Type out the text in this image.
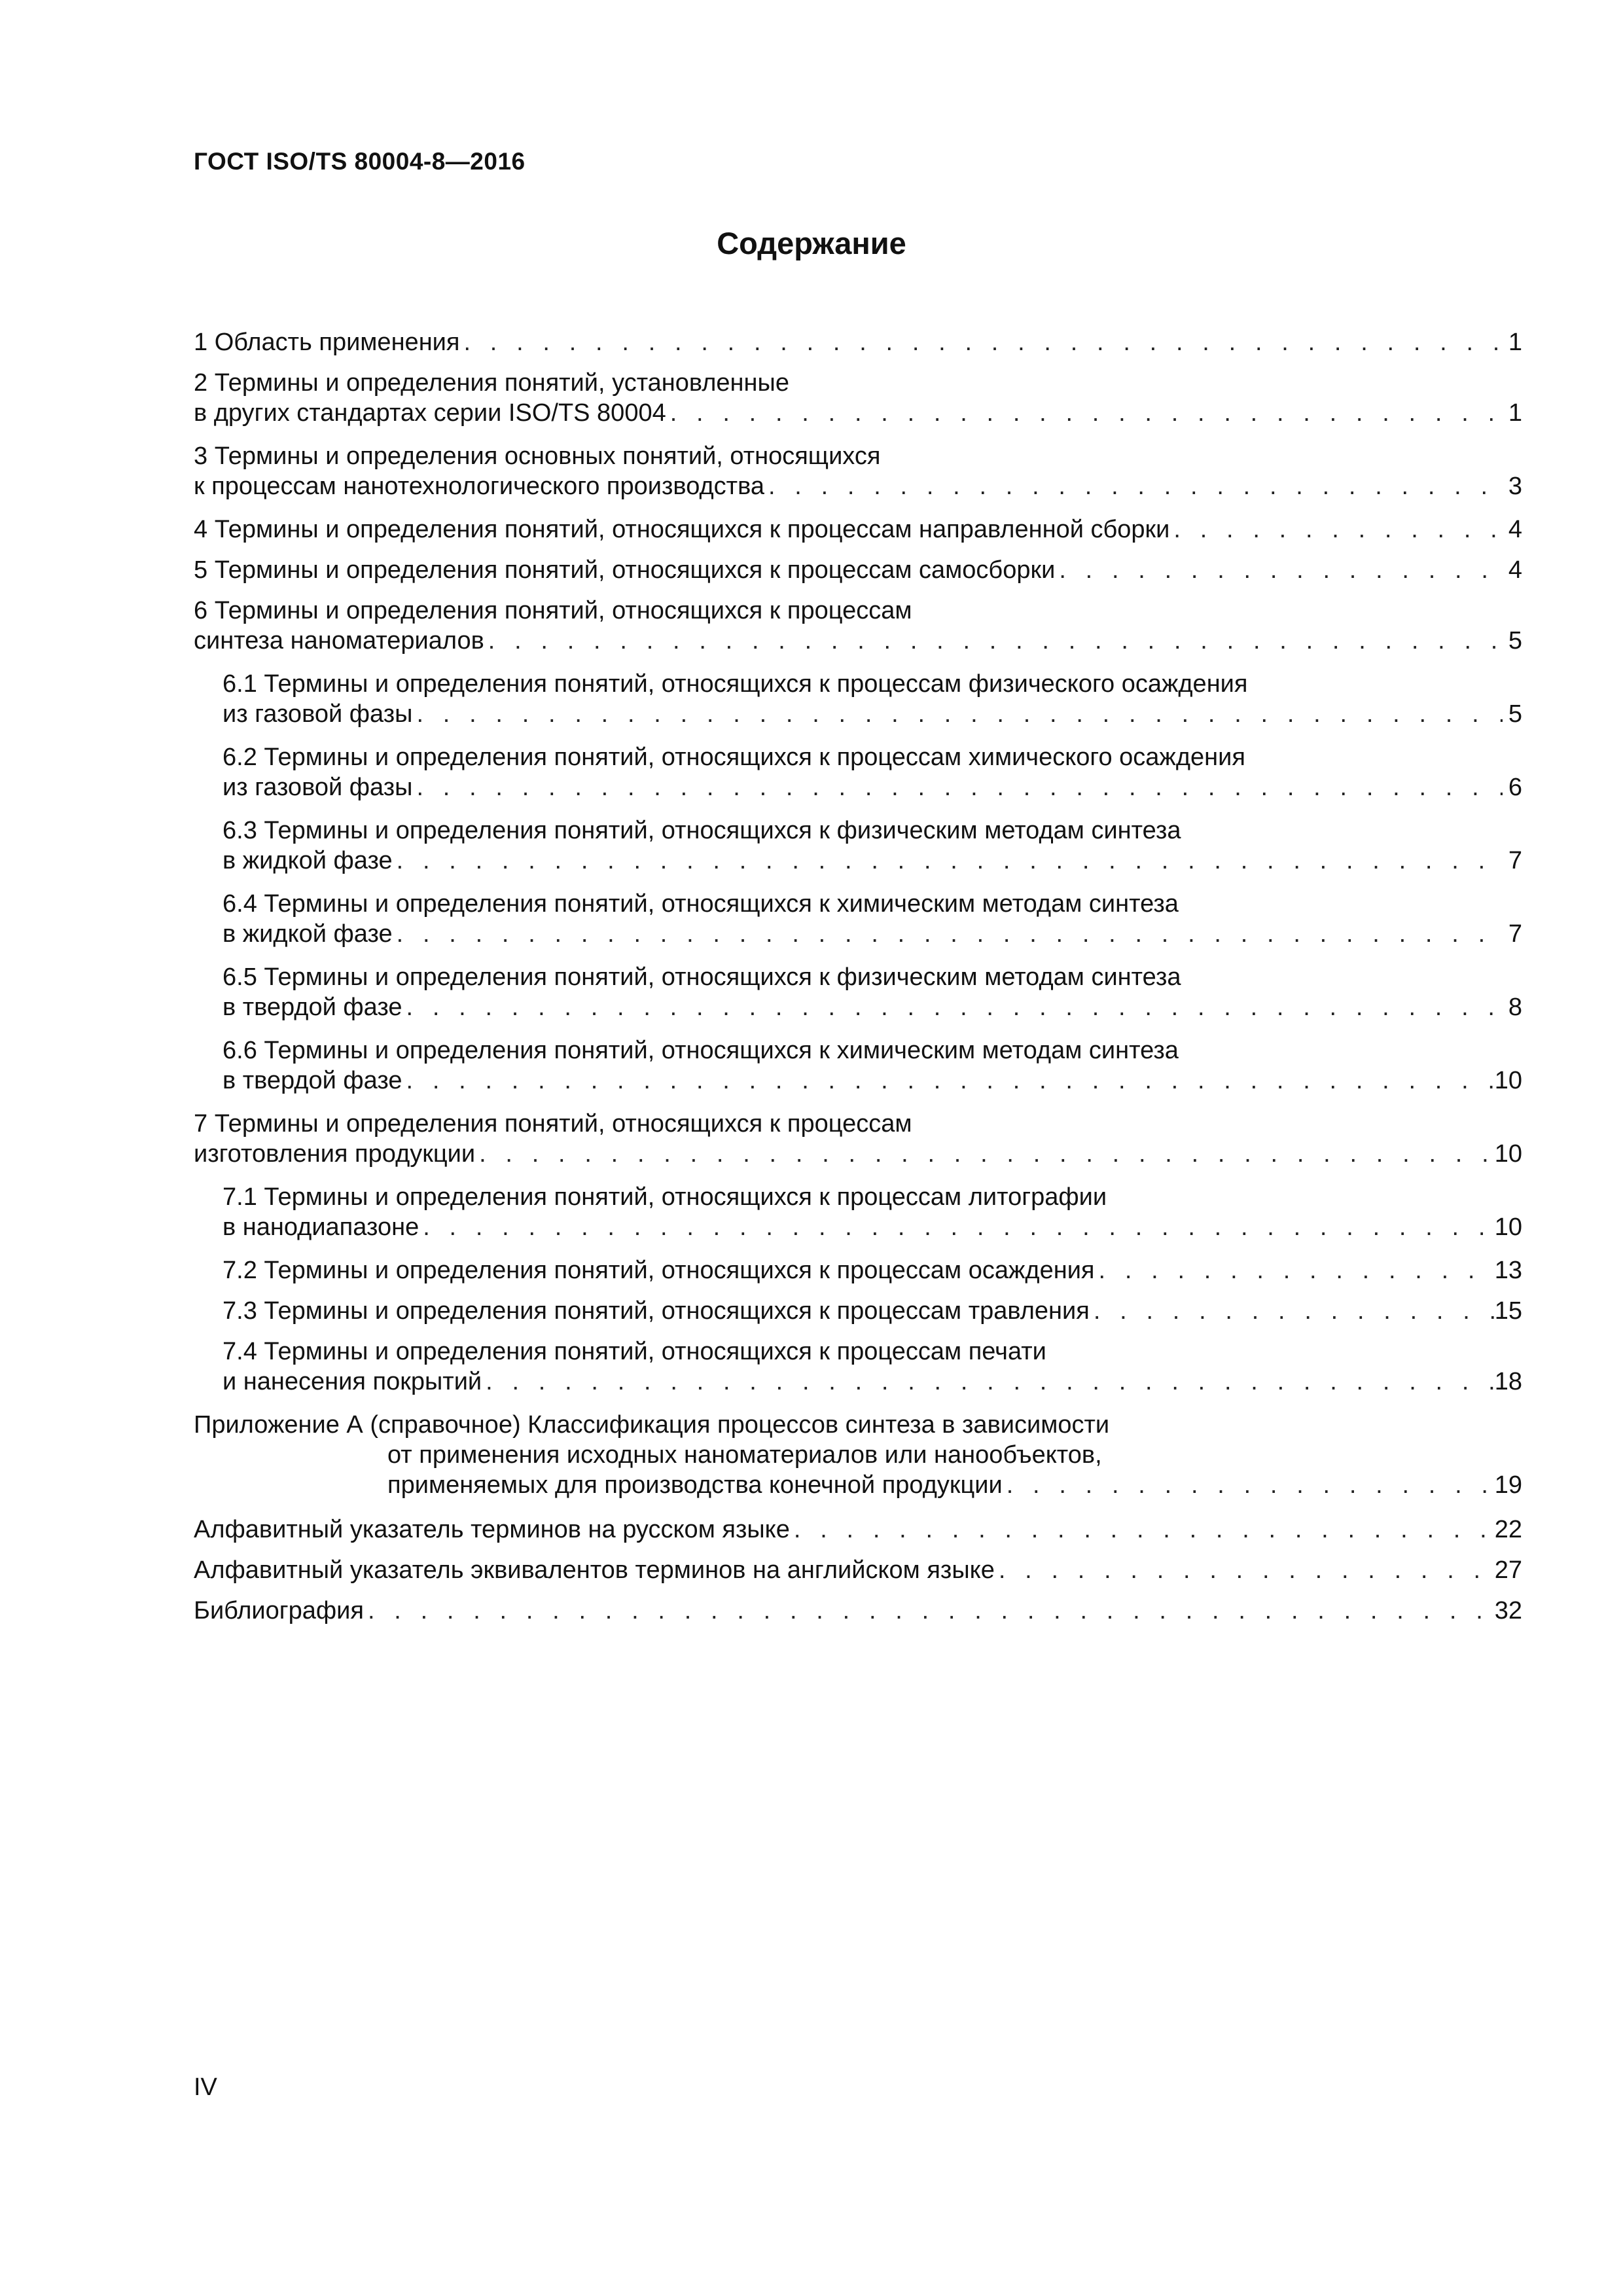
ГОСТ ISO/TS 80004-8—2016
Содержание
1 Область применения . . .	1
2 Термины и определения понятий, установленные
в других стандартах серии ISO/TS 80004 . . .	1
3 Термины и определения основных понятий, относящихся
к процессам нанотехнологического производства . . .	3
4 Термины и определения понятий, относящихся к процессам направленной сборки . . .	4
5 Термины и определения понятий, относящихся к процессам самосборки . . .	4
6 Термины и определения понятий, относящихся к процессам
синтеза наноматериалов . . .	5
6.1 Термины и определения понятий, относящихся к процессам физического осаждения
из газовой фазы . . .	5
6.2 Термины и определения понятий, относящихся к процессам химического осаждения
из газовой фазы . . .	6
6.3 Термины и определения понятий, относящихся к физическим методам синтеза
в жидкой фазе . . .	7
6.4 Термины и определения понятий, относящихся к химическим методам синтеза
в жидкой фазе . . .	7
6.5 Термины и определения понятий, относящихся к физическим методам синтеза
в твердой фазе . . .	8
6.6 Термины и определения понятий, относящихся к химическим методам синтеза
в твердой фазе . . .	10
7 Термины и определения понятий, относящихся к процессам
изготовления продукции . . .	10
7.1 Термины и определения понятий, относящихся к процессам литографии
в нанодиапазоне . . .	10
7.2 Термины и определения понятий, относящихся к процессам осаждения . . .	13
7.3 Термины и определения понятий, относящихся к процессам травления . . .	15
7.4 Термины и определения понятий, относящихся к процессам печати
и нанесения покрытий . . .	18
Приложение А (справочное) Классификация процессов синтеза в зависимости
от применения исходных наноматериалов или нанообъектов,
применяемых для производства конечной продукции . . .	19
Алфавитный указатель терминов на русском языке . . .	22
Алфавитный указатель эквивалентов терминов на английском языке . . .	27
Библиография . . .	32
IV
